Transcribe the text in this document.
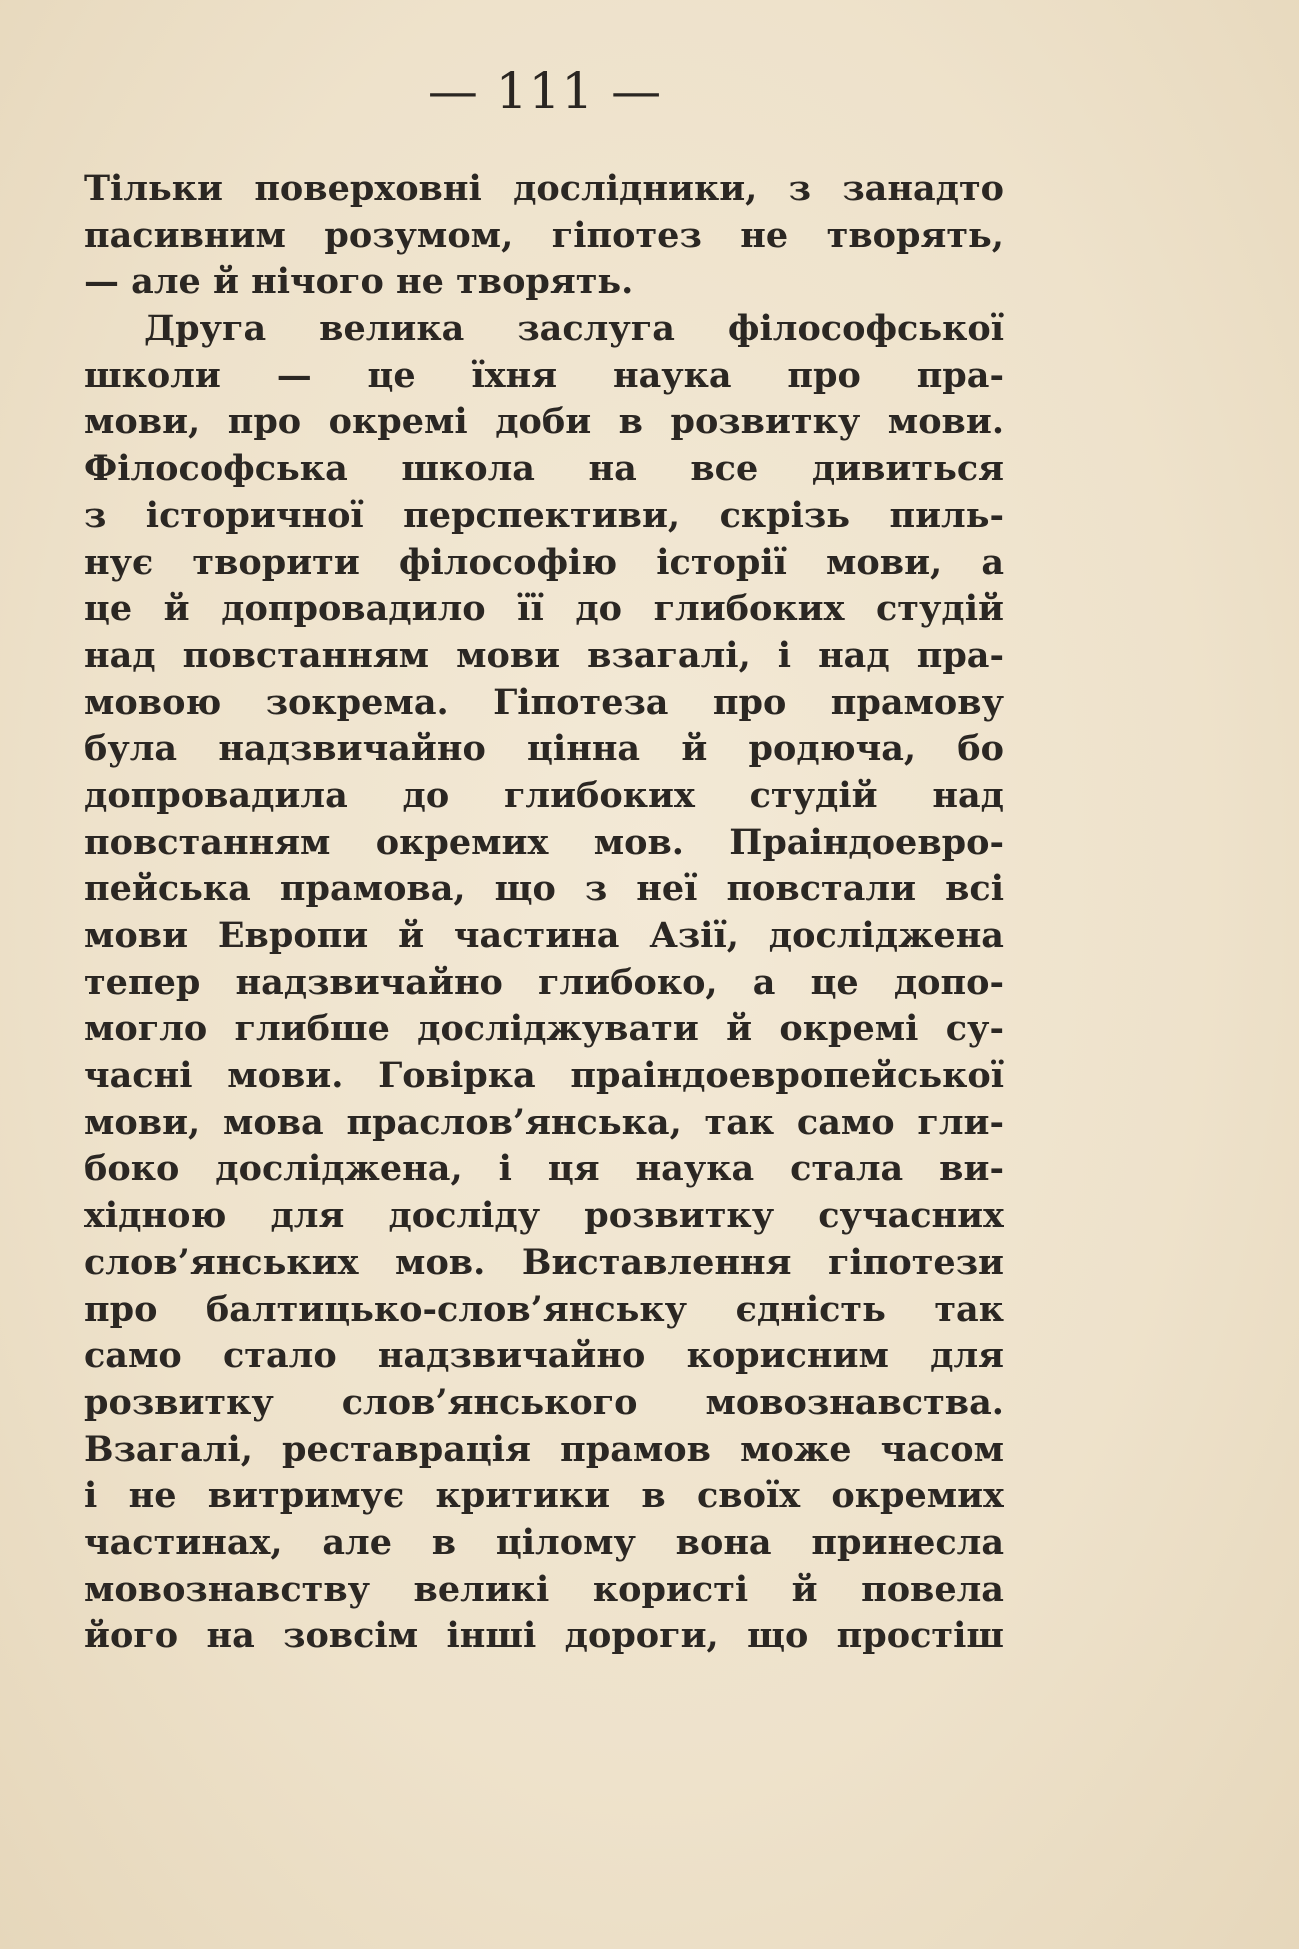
— 111 —
Тільки поверховні дослідники, з занадто
пасивним розумом, гіпотез не творять,
— але й нічого не творять.
Друга велика заслуга філософської
школи — це їхня наука про пра-
мови, про окремі доби в розвитку мови.
Філософська школа на все дивиться
з історичної перспективи, скрізь пиль-
нує творити філософію історії мови, а
це й допровадило її до глибоких студій
над повстанням мови взагалі, і над пра-
мовою зокрема. Гіпотеза про прамову
була надзвичайно цінна й родюча, бо
допровадила до глибоких студій над
повстанням окремих мов. Праіндоевро-
пейська прамова, що з неї повстали всі
мови Европи й частина Азії, досліджена
тепер надзвичайно глибоко, а це допо-
могло глибше досліджувати й окремі су-
часні мови. Говірка праіндоевропейської
мови, мова праслов’янська, так само гли-
боко досліджена, і ця наука стала ви-
хідною для досліду розвитку сучасних
слов’янських мов. Виставлення гіпотези
про балтицько-слов’янську єдність так
само стало надзвичайно корисним для
розвитку слов’янського мовознавства.
Взагалі, реставрація прамов може часом
і не витримує критики в своїх окремих
частинах, але в цілому вона принесла
мовознавству великі користі й повела
його на зовсім інші дороги, що простіш
